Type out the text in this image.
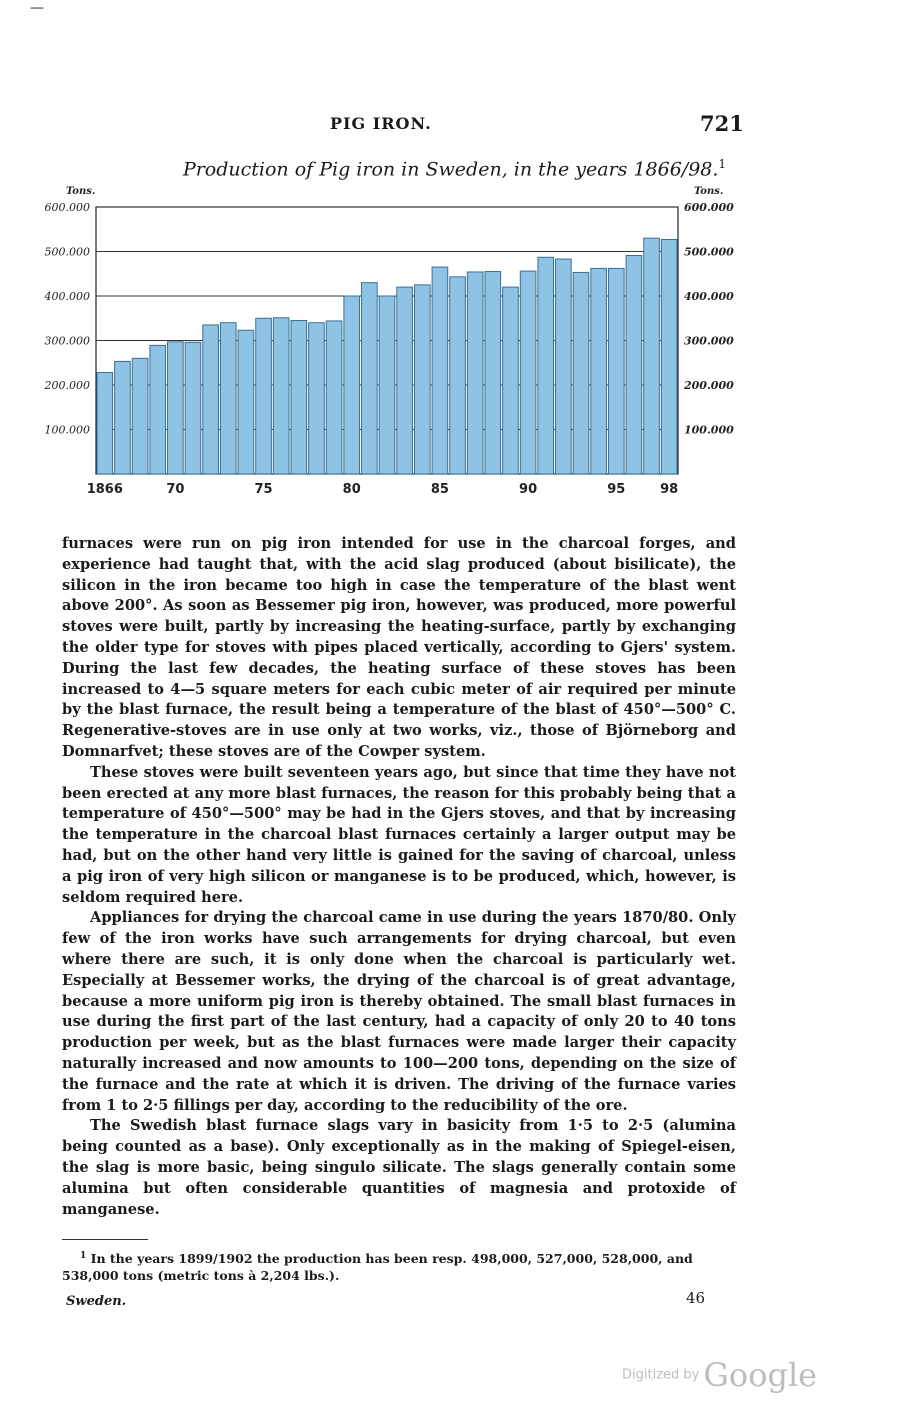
—
PIG IRON.	721
Production of Pig iron in Sweden, in the years 1866/98.$^1$
100.000	100.000
200.000	200.000
300.000	300.000
400.000	400.000
500.000	500.000
600.000	600.000
Tons.	Tons.
1866	70	75	80	85	90	95	98

furnaces were run on pig iron intended for use in the charcoal forges, and experience had taught that, with the acid slag produced (about bisilicate), the silicon in the iron became too high in case the temperature of the blast went above 200°. As soon as Bessemer pig iron, however, was produced, more powerful stoves were built, partly by increasing the heating-surface, partly by exchanging the older type for stoves with pipes placed vertically, according to Gjers' system. During the last few decades, the heating surface of these stoves has been increased to 4—5 square meters for each cubic meter of air required per minute by the blast furnace, the result being a temperature of the blast of 450°—500° C. Regenerative-stoves are in use only at two works, viz., those of Björneborg and Domnarfvet; these stoves are of the Cowper system.

These stoves were built seventeen years ago, but since that time they have not been erected at any more blast furnaces, the reason for this probably being that a temperature of 450°—500° may be had in the Gjers stoves, and that by increasing the temperature in the charcoal blast furnaces certainly a larger output may be had, but on the other hand very little is gained for the saving of charcoal, unless a pig iron of very high silicon or manganese is to be produced, which, however, is seldom required here.

Appliances for drying the charcoal came in use during the years 1870/80. Only few of the iron works have such arrangements for drying charcoal, but even where there are such, it is only done when the charcoal is particularly wet. Especially at Bessemer works, the drying of the charcoal is of great advantage, because a more uniform pig iron is thereby obtained. The small blast furnaces in use during the first part of the last century, had a capacity of only 20 to 40 tons production per week, but as the blast furnaces were made larger their capacity naturally increased and now amounts to 100—200 tons, depending on the size of the furnace and the rate at which it is driven. The driving of the furnace varies from 1 to 2·5 fillings per day, according to the reducibility of the ore.

The Swedish blast furnace slags vary in basicity from 1·5 to 2·5 (alumina being counted as a base). Only exceptionally as in the making of Spiegel-eisen, the slag is more basic, being singulo silicate. The slags generally contain some alumina but often considerable quantities of magnesia and protoxide of manganese.

$^1$ In the years 1899/1902 the production has been resp. 498,000, 527,000, 528,000, and 538,000 tons (metric tons à 2,204 lbs.).
Sweden.	46
Digitized by Google
